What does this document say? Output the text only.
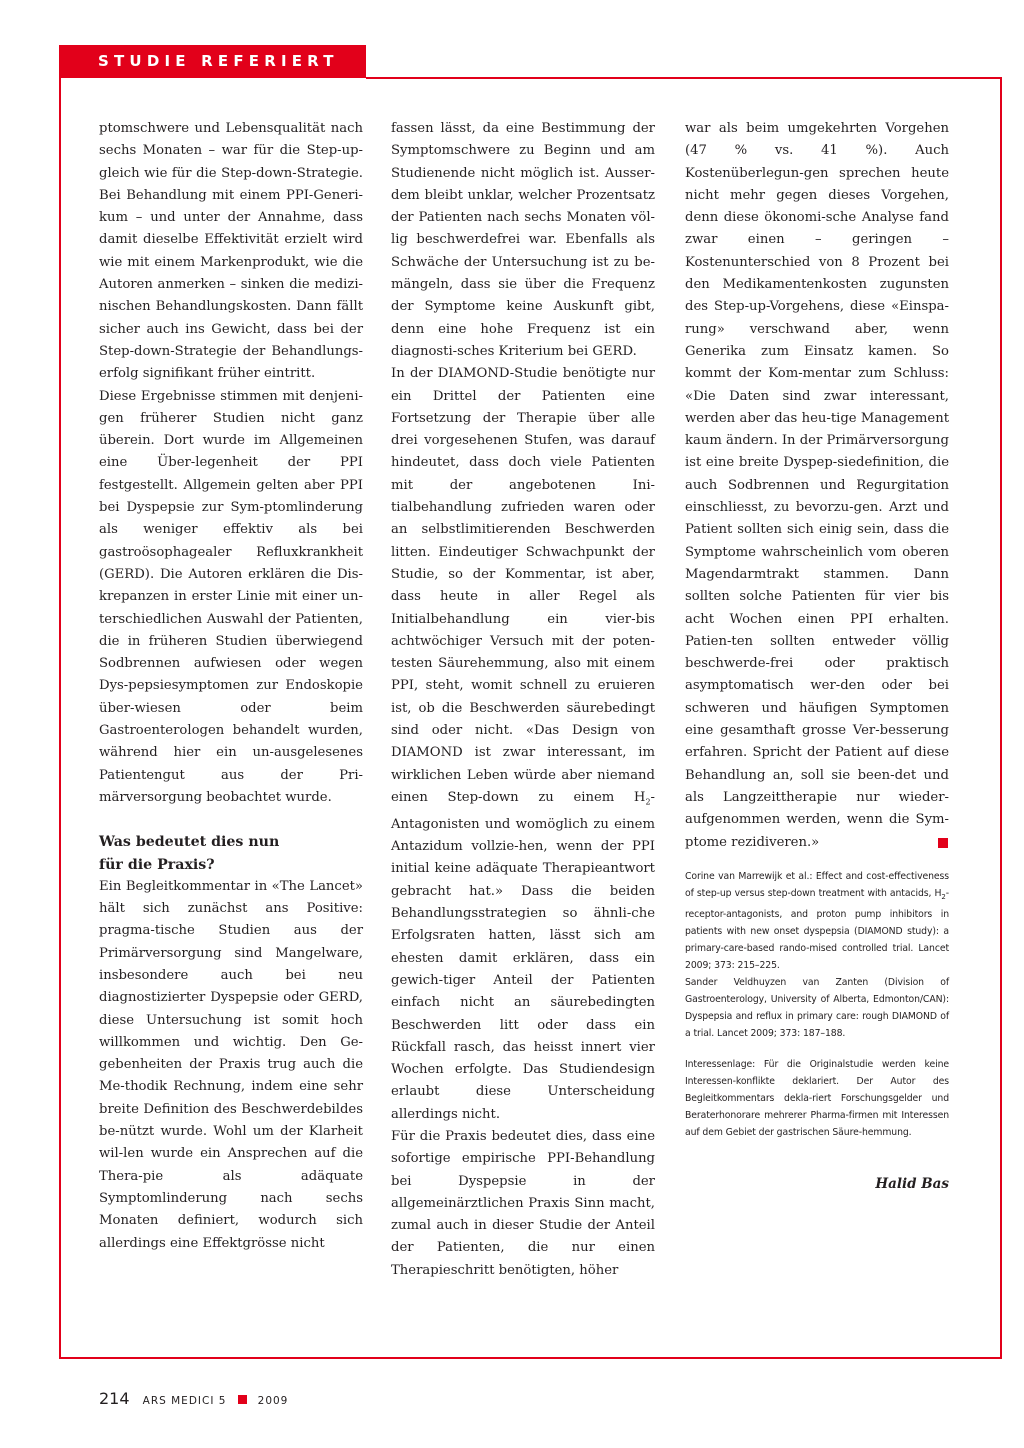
STUDIE REFERIERT

ptomschwere und Lebensqualität nach sechs Monaten – war für die Step-up-gleich wie für die Step-down-Strategie. Bei Behandlung mit einem PPI-Generi-kum – und unter der Annahme, dass damit dieselbe Effektivität erzielt wird wie mit einem Markenprodukt, wie die Autoren anmerken – sinken die medizi-nischen Behandlungskosten. Dann fällt sicher auch ins Gewicht, dass bei der Step-down-Strategie der Behandlungs-erfolg signifikant früher eintritt.

Diese Ergebnisse stimmen mit denjeni-gen früherer Studien nicht ganz überein. Dort wurde im Allgemeinen eine Über-legenheit der PPI festgestellt. Allgemein gelten aber PPI bei Dyspepsie zur Sym-ptomlinderung als weniger effektiv als bei gastroösophagealer Refluxkrankheit (GERD). Die Autoren erklären die Dis-krepanzen in erster Linie mit einer un-terschiedlichen Auswahl der Patienten, die in früheren Studien überwiegend Sodbrennen aufwiesen oder wegen Dys-pepsiesymptomen zur Endoskopie über-wiesen oder beim Gastroenterologen behandelt wurden, während hier ein un-ausgelesenes Patientengut aus der Pri-märversorgung beobachtet wurde.

Was bedeutet dies nun
für die Praxis?

Ein Begleitkommentar in «The Lancet» hält sich zunächst ans Positive: pragma-tische Studien aus der Primärversorgung sind Mangelware, insbesondere auch bei neu diagnostizierter Dyspepsie oder GERD, diese Untersuchung ist somit hoch willkommen und wichtig. Den Ge-gebenheiten der Praxis trug auch die Me-thodik Rechnung, indem eine sehr breite Definition des Beschwerdebildes be-nützt wurde. Wohl um der Klarheit wil-len wurde ein Ansprechen auf die Thera-pie als adäquate Symptomlinderung nach sechs Monaten definiert, wodurch sich allerdings eine Effektgrösse nicht

fassen lässt, da eine Bestimmung der Symptomschwere zu Beginn und am Studienende nicht möglich ist. Ausser-dem bleibt unklar, welcher Prozentsatz der Patienten nach sechs Monaten völ-lig beschwerdefrei war. Ebenfalls als Schwäche der Untersuchung ist zu be-mängeln, dass sie über die Frequenz der Symptome keine Auskunft gibt, denn eine hohe Frequenz ist ein diagnosti-sches Kriterium bei GERD.

In der DIAMOND-Studie benötigte nur ein Drittel der Patienten eine Fortsetzung der Therapie über alle drei vorgesehenen Stufen, was darauf hindeutet, dass doch viele Patienten mit der angebotenen Ini-tialbehandlung zufrieden waren oder an selbstlimitierenden Beschwerden litten. Eindeutiger Schwachpunkt der Studie, so der Kommentar, ist aber, dass heute in aller Regel als Initialbehandlung ein vier-bis achtwöchiger Versuch mit der poten-testen Säurehemmung, also mit einem PPI, steht, womit schnell zu eruieren ist, ob die Beschwerden säurebedingt sind oder nicht. «Das Design von DIAMOND ist zwar interessant, im wirklichen Leben würde aber niemand einen Step-down zu einem $H_2$-Antagonisten und womöglich zu einem Antazidum vollzie-hen, wenn der PPI initial keine adäquate Therapieantwort gebracht hat.» Dass die beiden Behandlungsstrategien so ähnli-che Erfolgsraten hatten, lässt sich am ehesten damit erklären, dass ein gewich-tiger Anteil der Patienten einfach nicht an säurebedingten Beschwerden litt oder dass ein Rückfall rasch, das heisst innert vier Wochen erfolgte. Das Studiendesign erlaubt diese Unterscheidung allerdings nicht.

Für die Praxis bedeutet dies, dass eine sofortige empirische PPI-Behandlung bei Dyspepsie in der allgemeinärztlichen Praxis Sinn macht, zumal auch in dieser Studie der Anteil der Patienten, die nur einen Therapieschritt benötigten, höher

war als beim umgekehrten Vorgehen (47 % vs. 41 %). Auch Kostenüberlegun-gen sprechen heute nicht mehr gegen dieses Vorgehen, denn diese ökonomi-sche Analyse fand zwar einen – geringen – Kostenunterschied von 8 Prozent bei den Medikamentenkosten zugunsten des Step-up-Vorgehens, diese «Einspa-rung» verschwand aber, wenn Generika zum Einsatz kamen. So kommt der Kom-mentar zum Schluss: «Die Daten sind zwar interessant, werden aber das heu-tige Management kaum ändern. In der Primärversorgung ist eine breite Dyspep-siedefinition, die auch Sodbrennen und Regurgitation einschliesst, zu bevorzu-gen. Arzt und Patient sollten sich einig sein, dass die Symptome wahrscheinlich vom oberen Magendarmtrakt stammen. Dann sollten solche Patienten für vier bis acht Wochen einen PPI erhalten. Patien-ten sollten entweder völlig beschwerde-frei oder praktisch asymptomatisch wer-den oder bei schweren und häufigen Symptomen eine gesamthaft grosse Ver-besserung erfahren. Spricht der Patient auf diese Behandlung an, soll sie been-det und als Langzeittherapie nur wieder-aufgenommen werden, wenn die Sym-ptome rezidiveren.»

Corine van Marrewijk et al.: Effect and cost-effectiveness of step-up versus step-down treatment with antacids, $H_2-receptor$-antagonists, and proton pump inhibitors in patients with new onset dyspepsia (DIAMOND study): a primary-care-based rando-mised controlled trial. Lancet 2009; 373: 215–225.

Sander Veldhuyzen van Zanten (Division of Gastroenterology, University of Alberta, Edmonton/CAN): Dyspepsia and reflux in primary care: rough DIAMOND of a trial. Lancet 2009; 373: 187–188.

Interessenlage: Für die Originalstudie werden keine Interessen-konflikte deklariert. Der Autor des Begleitkommentars dekla-riert Forschungsgelder und Beraterhonorare mehrerer Pharma-firmen mit Interessen auf dem Gebiet der gastrischen Säure-hemmung.

Halid Bas

214 ARS MEDICI 5	2009
